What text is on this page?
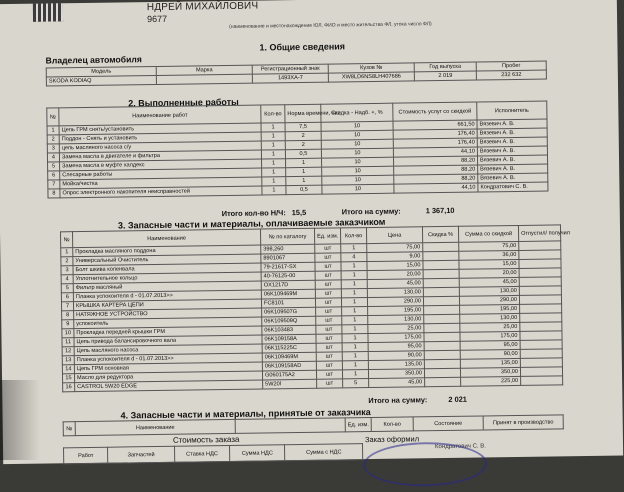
НДРЕЙ МИХАЙЛОВИЧ
9677
(наименование и местонахождение ЮЛ, ФИО и место жительства ФЛ, утока число ФЛ)
1. Общие сведения
Владелец автомобиля
Модель	Марка	Регистрационный знак	Кузов №	Год выпуска	Пробег
SKODA KODIAQ		1493ХА-7	XW8LD6NS8LH407686	2 019	232 632
2. Выполненные работы
№	Наименование работ	Кол-во	Норма времени, час	Скидка - Надб. +, %	Стоимость услуг со скидкой	Исполнитель
1	Цепь ГРМ снять/установить	1	7,5	10	661,50	Вязевич А. В.
2	Поддон - Снять и установить	1	2	10	176,40	Вязевич А. В.
3	цепь масляного насоса с/у	1	2	10	176,40	Вязевич А. В.
4	Замена масла в двигателе и фильтра	1	0,5	10	44,10	Вязевич А. В.
5	Замена масла в муфте халдекс	1	1	10	88,20	Вязевич А. В.
6	Слесарные работы	1	1	10	88,20	Вязевич А. В.
7	Мойка/чистка	1	1	10	88,20	Вязевич А. В.
8	Опрос электронного накопителя неисправностей	1	0,5	10	44,10	Кондратович С. В.
Итого кол-во Н/Ч: 15,5	Итого на сумму:	1 367,10
3. Запасные части и материалы, оплачиваемые заказчиком
№	Наименование	№ по каталогу	Ед. изм.	Кол-во	Цена	Скидка %	Сумма со скидкой	Отпустил/ получил
1	Прокладка масляного поддона	398,260	шт	1	75,00		75,00	
2	Универсальный Очиститель	8901067	шт	4	9,00		36,00	
3	Болт шкива коленвала	79-21617-SX	шт	1	15,00		15,00	
4	Уплотнительное кольцо	40-76125-00	шт	1	20,00		20,00	
5	Фильтр масляный	OX1217D	шт	1	45,00		45,00	
6	Планка успокоителя d - 01.07.2013>>	06K109469M	шт	1	130,00		130,00	
7	КРЫШКА КАРТЕРА ЦЕПИ	FC8101	шт	1	290,00		290,00	
8	НАТЯЖНОЕ УСТРОЙСТВО	06K109507G	шт	1	195,00		195,00	
9	успокоитель	06K109509Q	шт	1	130,00		130,00	
10	Прокладка передней крышки ГРМ	06K103483	шт	1	25,00		25,00	
11	Цепь привода балансировочного вала	06K109158A	шт	1	175,00		175,00	
12	Цепь масляного насоса	06K115225C	шт	1	95,00		95,00	
13	Планка успокоителя d - 01.07.2013>>	06K109469M	шт	1	90,00		90,00	
14	Цепь ГРМ основная	06K109158AD	шт	1	135,00		135,00	
15	Масло для редуктора	G060175A2	шт	1	350,00		350,00	
16	CASTROL 5W20 EDGE	5W20l	шт	5	45,00		225,00	
Итого на сумму:	2 021
4. Запасные части и материалы, принятые от заказчика
№	Наименование		Ед. изм.	Кол-во	Состояние	Принят в производство
Стоимость заказа
Работ	Запчастей	Ставка НДС	Сумма НДС	Сумма с НДС
Заказ оформил
Кондратович С. В.
